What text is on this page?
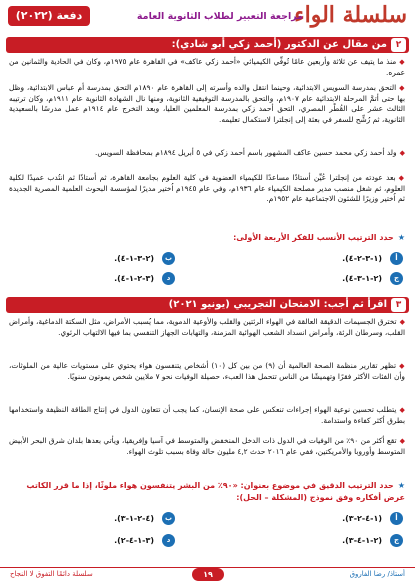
سلسلة الواء
مراجعة التعبير لطلاب الثانوية العامة
دفعة (٢٠٢٢)
٢
من مقال عن الدكتور (أحمد زكي أبو شادي):
◆منذ ما يتيف عن ثلاثة وأربعين عامًا تُوفِّي الكيميائي «أحمد زكي عاكف» في القاهرة عام ١٩٧٥م، وكان في الحادية والثمانين من عمره.
◆التحق بمدرسة السويس الابتدائية، وحينما انتقل والده وأسرته إلى القاهرة عام ١٨٩٠م التحق بمدرسة أم عباس الابتدائية، وظل بها حتى أتمَّ المرحلة الابتدائية عام ١٩٠٧م، والتحق بالمدرسة التوفيقية الثانوية، ومنها نال الشهادة الثانوية عام ١٩١١م، وكان ترتيبه الثالث عشر على القُطْر المصري، التحق أحمد زكي بمدرسة المعلمين العليا، وبعد التخرج عام ١٩١٤م عمل مدرسًا بالسعيدية الثانوية، ثم رُشِّح للسفر في بعثة إلى إنجلترا لاستكمال تعليمه.
◆ولد أحمد زكي محمد حسين عاكف المشهور باسم أحمد زكي في ٥ أبريل ١٨٩٤م بمحافظة السويس.
◆بعد عودته من إنجلترا عُيِّن أستاذًا مساعدًا للكيمياء العضوية في كلية العلوم بجامعة القاهرة، ثم أستاذًا ثم انتُدب عميدًا لكلية العلوم، ثم شغل منصب مدير مصلحة الكيمياء عام ١٩٣٦م، وفي عام ١٩٤٥م اُختير مديرًا لمؤسسة البحوث العلمية المصرية الجديدة ثم اُختير وزيرًا للشئون الاجتماعية عام ١٩٥٢م.
★حدد الترتيب الأنسب للفكر الأربعة الأولى:
أ(١-٣-٢-٤).
ب(٢-٣-١-٤).
ج(٢-١-٣-٤).
د(٣-٢-١-٤).
٣
اقرأ ثم أجب: الامتحان التجريبي (يونيو ٢٠٢١)
◆تخترق الجسيمات الدقيقة العالقة في الهواء الرئتين والقلب والأوعية الدموية، مما يُسبب الأمراض، مثل السكتة الدماغية، وأمراض القلب، وسرطان الرئة، وأمراض انسداد الشعب الهوائية المزمنة، والتهابات الجهاز التنفسي بما فيها الالتهاب الرئوي.
◆تظهر تقارير منظمة الصحة العالمية أن (٩) من بين كل (١٠) أشخاص يتنفسون هواء يحتوي على مستويات عالية من الملوثات، وأن الفئات الأكثر فقرًا وتهميشًا من الناس تتحمل هذا العبء، حصيلة الوفيات نحو ٧ ملايين شخص يموتون سنويًا.
◆يتطلب تحسين نوعية الهواء إجراءات تنعكس على صحة الإنسان، كما يجب أن تتعاون الدول في إنتاج الطاقة النظيفة واستخدامها بطرق أكثر كفاءة واستدامة.
◆تقع أكثر من ٩٠٪ من الوفيات في الدول ذات الدخل المنخفض والمتوسط في آسيا وإفريقيا، ويأتي بعدها بلدان شرق البحر الأبيض المتوسط وأوروبا والأمريكتين، ففي عام ٢٠١٦ حدث ٤,٢ مليون حالة وفاة بسبب تلوث الهواء.
★حدد الترتيب الدقيق في موضوع بعنوان: «٩٠٪ من البشر يتنفسون هواء ملوثًا، إذا ما قرر الكاتب عرض أفكاره وفق نموذج (المشكلة – الحل):
أ(١-٤-٢-٣).
ب(٤-٢-١-٣).
ج(٢-١-٤-٣).
د(٣-١-٤-٢).
أستاذ/ رضا الفاروق
١٩
سلسلة دائمًا التفوق لا النجاح
